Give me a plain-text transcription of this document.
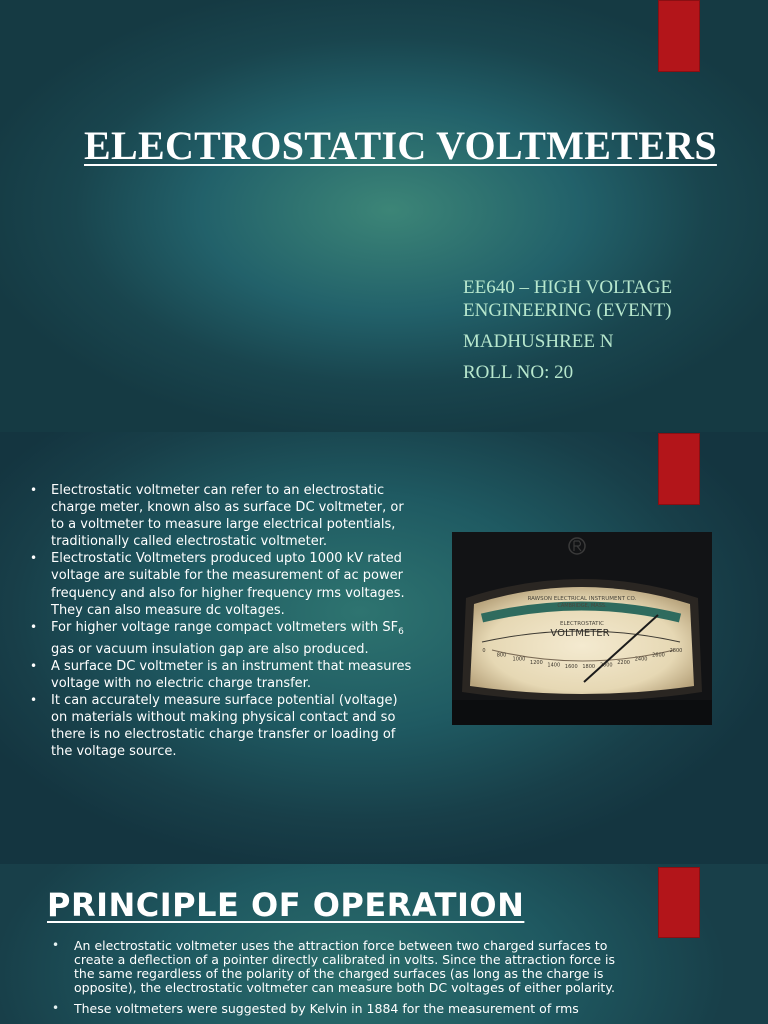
ELECTROSTATIC VOLTMETERS
EE640 – HIGH VOLTAGE ENGINEERING (EVENT)
MADHUSHREE N
ROLL NO: 20
• Electrostatic voltmeter can refer to an electrostatic charge meter, known also as surface DC voltmeter, or to a voltmeter to measure large electrical potentials, traditionally called electrostatic voltmeter.
• Electrostatic Voltmeters produced upto 1000 kV rated voltage are suitable for the measurement of ac power frequency and also for higher frequency rms voltages. They can also measure dc voltages.
• For higher voltage range compact voltmeters with $SF_6$ gas or vacuum insulation gap are also produced.
• A surface DC voltmeter is an instrument that measures voltage with no electric charge transfer.
• It can accurately measure surface potential (voltage) on materials without making physical contact and so there is no electrostatic charge transfer or loading of the voltage source.
RAWSON ELECTRICAL INSTRUMENT CO.
CAMBRIDGE, MASS.
ELECTROSTATIC
VOLTMETER
0
800
1000
1200 1400 1600 1800 2000 2200
2400
2600
2800
PRINCIPLE OF OPERATION
• An electrostatic voltmeter uses the attraction force between two charged surfaces to create a deflection of a pointer directly calibrated in volts. Since the attraction force is the same regardless of the polarity of the charged surfaces (as long as the charge is opposite), the electrostatic voltmeter can measure both DC voltages of either polarity.
• These voltmeters were suggested by Kelvin in 1884 for the measurement of rms
